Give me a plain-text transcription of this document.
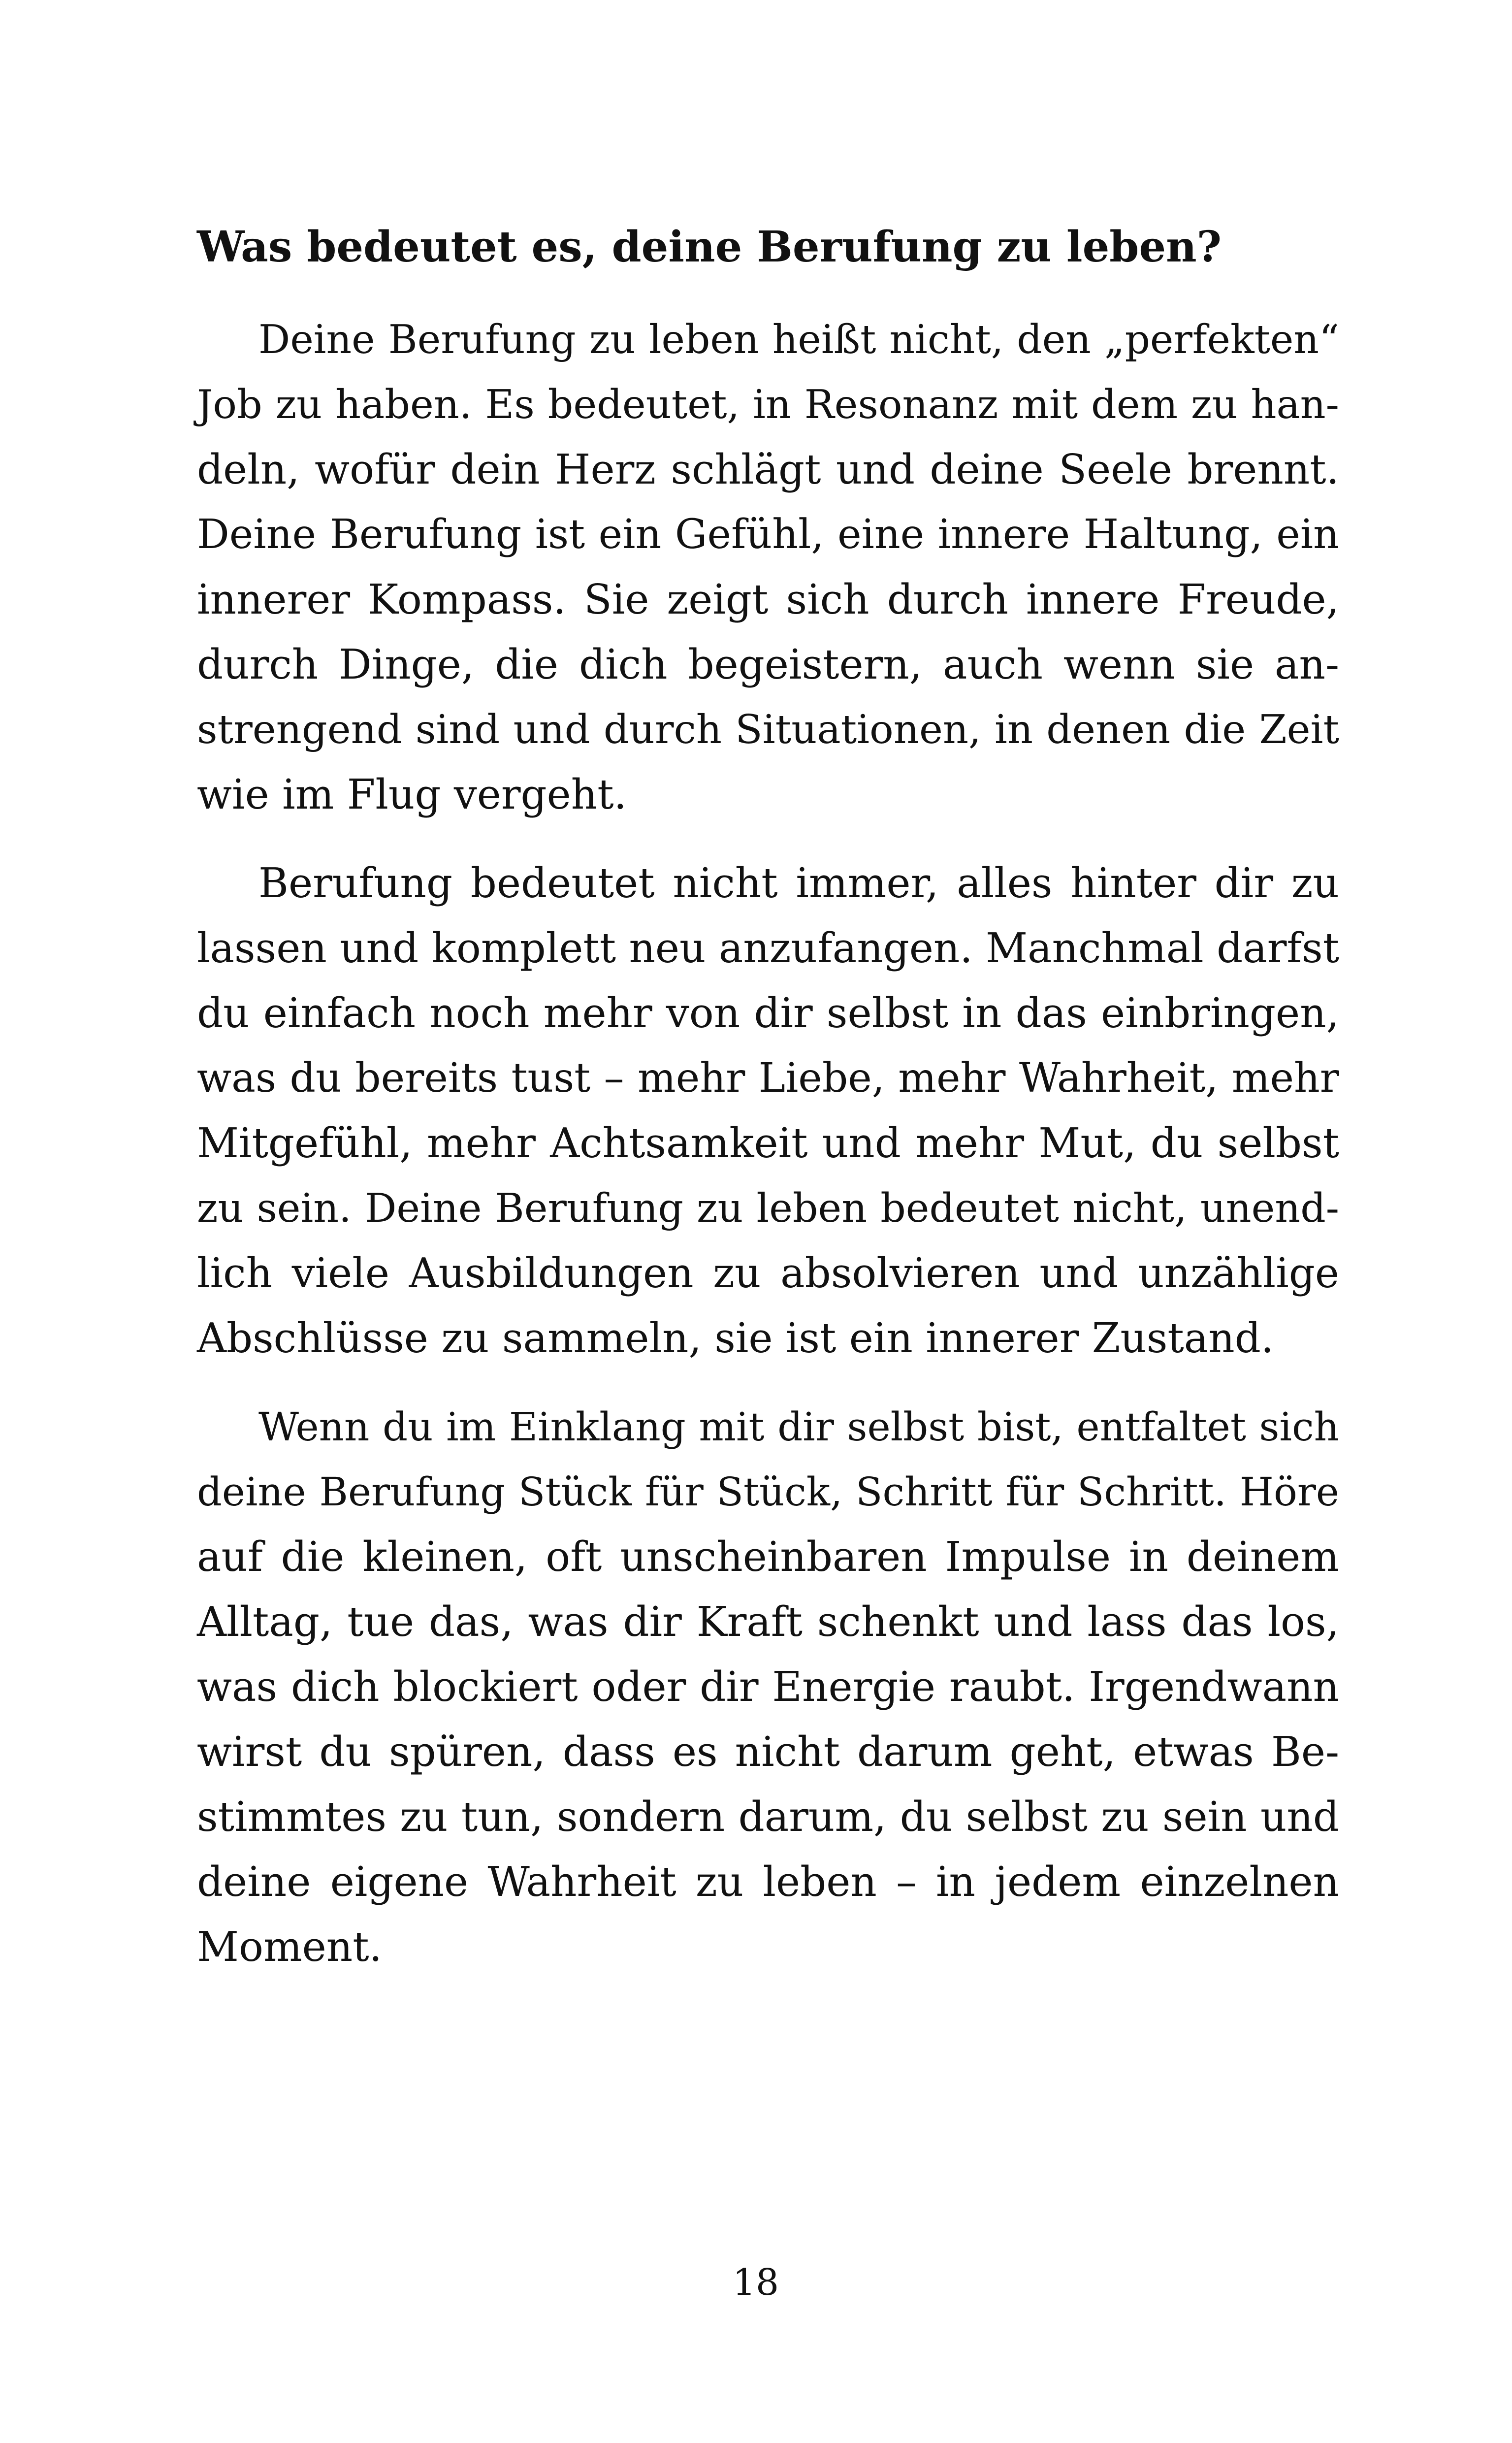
Was bedeutet es, deine Berufung zu leben?
Deine Berufung zu leben heißt nicht, den „perfekten“
Job zu haben. Es bedeutet, in Resonanz mit dem zu han-
deln, wofür dein Herz schlägt und deine Seele brennt.
Deine Berufung ist ein Gefühl, eine innere Haltung, ein
innerer Kompass. Sie zeigt sich durch innere Freude,
durch Dinge, die dich begeistern, auch wenn sie an-
strengend sind und durch Situationen, in denen die Zeit
wie im Flug vergeht.
Berufung bedeutet nicht immer, alles hinter dir zu
lassen und komplett neu anzufangen. Manchmal darfst
du einfach noch mehr von dir selbst in das einbringen,
was du bereits tust – mehr Liebe, mehr Wahrheit, mehr
Mitgefühl, mehr Achtsamkeit und mehr Mut, du selbst
zu sein. Deine Berufung zu leben bedeutet nicht, unend-
lich viele Ausbildungen zu absolvieren und unzählige
Abschlüsse zu sammeln, sie ist ein innerer Zustand.
Wenn du im Einklang mit dir selbst bist, entfaltet sich
deine Berufung Stück für Stück, Schritt für Schritt. Höre
auf die kleinen, oft unscheinbaren Impulse in deinem
Alltag, tue das, was dir Kraft schenkt und lass das los,
was dich blockiert oder dir Energie raubt. Irgendwann
wirst du spüren, dass es nicht darum geht, etwas Be-
stimmtes zu tun, sondern darum, du selbst zu sein und
deine eigene Wahrheit zu leben – in jedem einzelnen
Moment.
18
